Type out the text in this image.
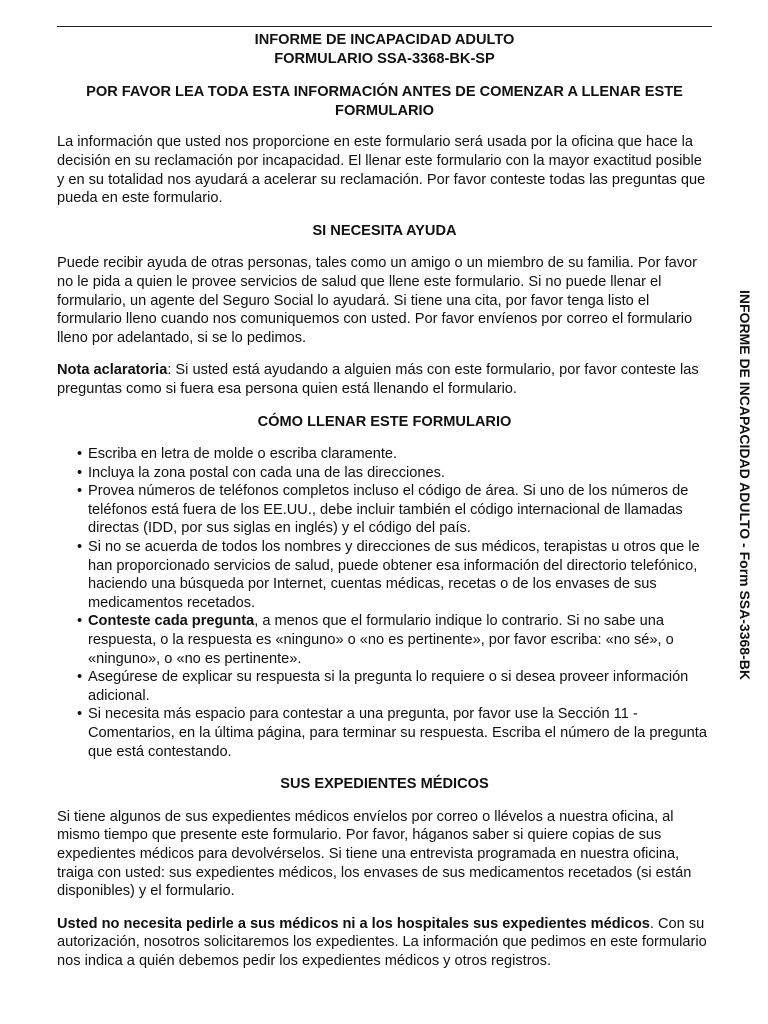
INFORME DE INCAPACIDAD ADULTO
FORMULARIO SSA-3368-BK-SP
POR FAVOR LEA TODA ESTA INFORMACIÓN ANTES DE COMENZAR A LLENAR ESTE FORMULARIO

La información que usted nos proporcione en este formulario será usada por la oficina que hace la decisión en su reclamación por incapacidad. El llenar este formulario con la mayor exactitud posible y en su totalidad nos ayudará a acelerar su reclamación. Por favor conteste todas las preguntas que pueda en este formulario.

SI NECESITA AYUDA

Puede recibir ayuda de otras personas, tales como un amigo o un miembro de su familia. Por favor no le pida a quien le provee servicios de salud que llene este formulario. Si no puede llenar el formulario, un agente del Seguro Social lo ayudará. Si tiene una cita, por favor tenga listo el formulario lleno cuando nos comuniquemos con usted. Por favor envíenos por correo el formulario lleno por adelantado, si se lo pedimos.

Nota aclaratoria: Si usted está ayudando a alguien más con este formulario, por favor conteste las preguntas como si fuera esa persona quien está llenando el formulario.

CÓMO LLENAR ESTE FORMULARIO
• Escriba en letra de molde o escriba claramente.
• Incluya la zona postal con cada una de las direcciones.
• Provea números de teléfonos completos incluso el código de área. Si uno de los números de teléfonos está fuera de los EE.UU., debe incluir también el código internacional de llamadas directas (IDD, por sus siglas en inglés) y el código del país.
• Si no se acuerda de todos los nombres y direcciones de sus médicos, terapistas u otros que le han proporcionado servicios de salud, puede obtener esa información del directorio telefónico, haciendo una búsqueda por Internet, cuentas médicas, recetas o de los envases de sus medicamentos recetados.
• Conteste cada pregunta, a menos que el formulario indique lo contrario. Si no sabe una respuesta, o la respuesta es «ninguno» o «no es pertinente», por favor escriba: «no sé», o «ninguno», o «no es pertinente».
• Asegúrese de explicar su respuesta si la pregunta lo requiere o si desea proveer información adicional.
• Si necesita más espacio para contestar a una pregunta, por favor use la Sección 11 - Comentarios, en la última página, para terminar su respuesta. Escriba el número de la pregunta que está contestando.
SUS EXPEDIENTES MÉDICOS

Si tiene algunos de sus expedientes médicos envíelos por correo o llévelos a nuestra oficina, al mismo tiempo que presente este formulario. Por favor, háganos saber si quiere copias de sus expedientes médicos para devolvérselos. Si tiene una entrevista programada en nuestra oficina, traiga con usted: sus expedientes médicos, los envases de sus medicamentos recetados (si están disponibles) y el formulario.

Usted no necesita pedirle a sus médicos ni a los hospitales sus expedientes médicos. Con su autorización, nosotros solicitaremos los expedientes. La información que pedimos en este formulario nos indica a quién debemos pedir los expedientes médicos y otros registros.

INFORME DE INCAPACIDAD ADULTO - Form SSA-3368-BK
